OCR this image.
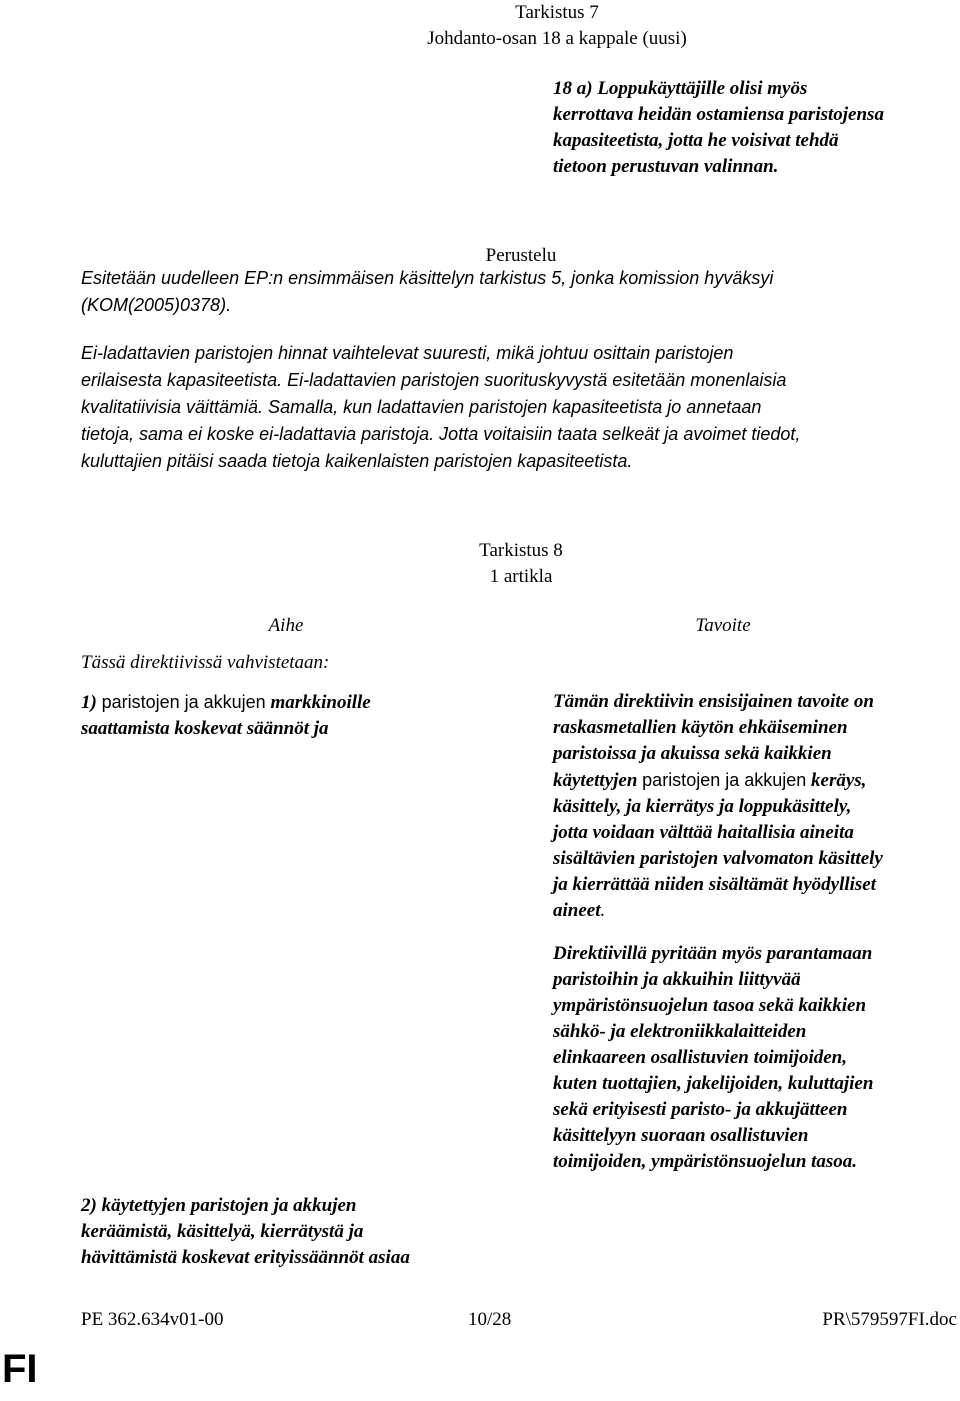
Tarkistus 7
Johdanto-osan 18 a kappale (uusi)
18 a) Loppukäyttäjille olisi myös
kerrottava heidän ostamiensa paristojensa
kapasiteetista, jotta he voisivat tehdä
tietoon perustuvan valinnan.
Perustelu
Esitetään uudelleen EP:n ensimmäisen käsittelyn tarkistus 5, jonka komission hyväksyi
(KOM(2005)0378).
Ei-ladattavien paristojen hinnat vaihtelevat suuresti, mikä johtuu osittain paristojen
erilaisesta kapasiteetista. Ei-ladattavien paristojen suorituskyvystä esitetään monenlaisia
kvalitatiivisia väittämiä. Samalla, kun ladattavien paristojen kapasiteetista jo annetaan
tietoja, sama ei koske ei-ladattavia paristoja. Jotta voitaisiin taata selkeät ja avoimet tiedot,
kuluttajien pitäisi saada tietoja kaikenlaisten paristojen kapasiteetista.
Tarkistus 8
1 artikla
Aihe
Tässä direktiivissä vahvistetaan:
1) paristojen ja akkujen markkinoille
saattamista koskevat säännöt ja
2) käytettyjen paristojen ja akkujen
keräämistä, käsittelyä, kierrätystä ja
hävittämistä koskevat erityissäännöt asiaa
Tavoite
Tämän direktiivin ensisijainen tavoite on
raskasmetallien käytön ehkäiseminen
paristoissa ja akuissa sekä kaikkien
käytettyjen paristojen ja akkujen keräys,
käsittely, ja kierrätys ja loppukäsittely,
jotta voidaan välttää haitallisia aineita
sisältävien paristojen valvomaton käsittely
ja kierrättää niiden sisältämät hyödylliset
aineet.
Direktiivillä pyritään myös parantamaan
paristoihin ja akkuihin liittyvää
ympäristönsuojelun tasoa sekä kaikkien
sähkö- ja elektroniikkalaitteiden
elinkaareen osallistuvien toimijoiden,
kuten tuottajien, jakelijoiden, kuluttajien
sekä erityisesti paristo- ja akkujätteen
käsittelyyn suoraan osallistuvien
toimijoiden, ympäristönsuojelun tasoa.
PE 362.634v01-00	10/28	PR\579597FI.doc
FI
